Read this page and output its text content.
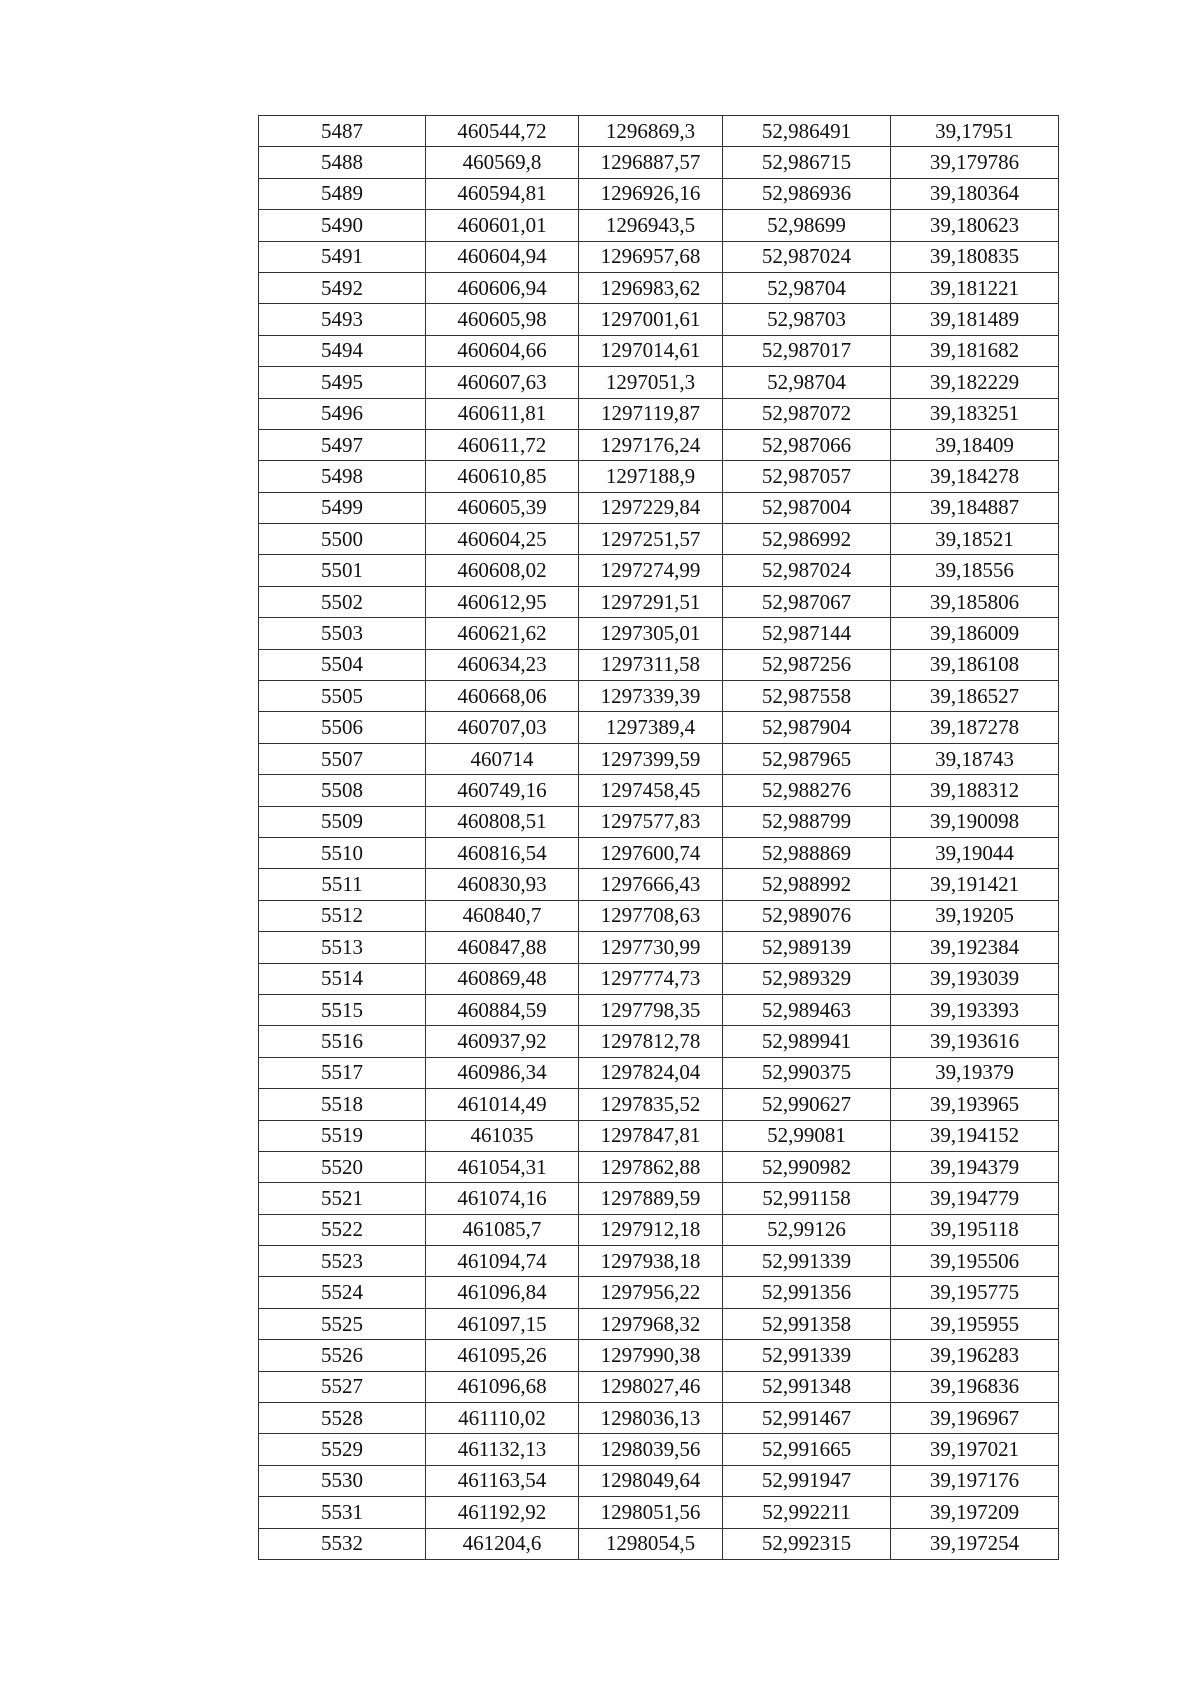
5487	460544,72	1296869,3	52,986491	39,17951
5488	460569,8	1296887,57	52,986715	39,179786
5489	460594,81	1296926,16	52,986936	39,180364
5490	460601,01	1296943,5	52,98699	39,180623
5491	460604,94	1296957,68	52,987024	39,180835
5492	460606,94	1296983,62	52,98704	39,181221
5493	460605,98	1297001,61	52,98703	39,181489
5494	460604,66	1297014,61	52,987017	39,181682
5495	460607,63	1297051,3	52,98704	39,182229
5496	460611,81	1297119,87	52,987072	39,183251
5497	460611,72	1297176,24	52,987066	39,18409
5498	460610,85	1297188,9	52,987057	39,184278
5499	460605,39	1297229,84	52,987004	39,184887
5500	460604,25	1297251,57	52,986992	39,18521
5501	460608,02	1297274,99	52,987024	39,18556
5502	460612,95	1297291,51	52,987067	39,185806
5503	460621,62	1297305,01	52,987144	39,186009
5504	460634,23	1297311,58	52,987256	39,186108
5505	460668,06	1297339,39	52,987558	39,186527
5506	460707,03	1297389,4	52,987904	39,187278
5507	460714	1297399,59	52,987965	39,18743
5508	460749,16	1297458,45	52,988276	39,188312
5509	460808,51	1297577,83	52,988799	39,190098
5510	460816,54	1297600,74	52,988869	39,19044
5511	460830,93	1297666,43	52,988992	39,191421
5512	460840,7	1297708,63	52,989076	39,19205
5513	460847,88	1297730,99	52,989139	39,192384
5514	460869,48	1297774,73	52,989329	39,193039
5515	460884,59	1297798,35	52,989463	39,193393
5516	460937,92	1297812,78	52,989941	39,193616
5517	460986,34	1297824,04	52,990375	39,19379
5518	461014,49	1297835,52	52,990627	39,193965
5519	461035	1297847,81	52,99081	39,194152
5520	461054,31	1297862,88	52,990982	39,194379
5521	461074,16	1297889,59	52,991158	39,194779
5522	461085,7	1297912,18	52,99126	39,195118
5523	461094,74	1297938,18	52,991339	39,195506
5524	461096,84	1297956,22	52,991356	39,195775
5525	461097,15	1297968,32	52,991358	39,195955
5526	461095,26	1297990,38	52,991339	39,196283
5527	461096,68	1298027,46	52,991348	39,196836
5528	461110,02	1298036,13	52,991467	39,196967
5529	461132,13	1298039,56	52,991665	39,197021
5530	461163,54	1298049,64	52,991947	39,197176
5531	461192,92	1298051,56	52,992211	39,197209
5532	461204,6	1298054,5	52,992315	39,197254
